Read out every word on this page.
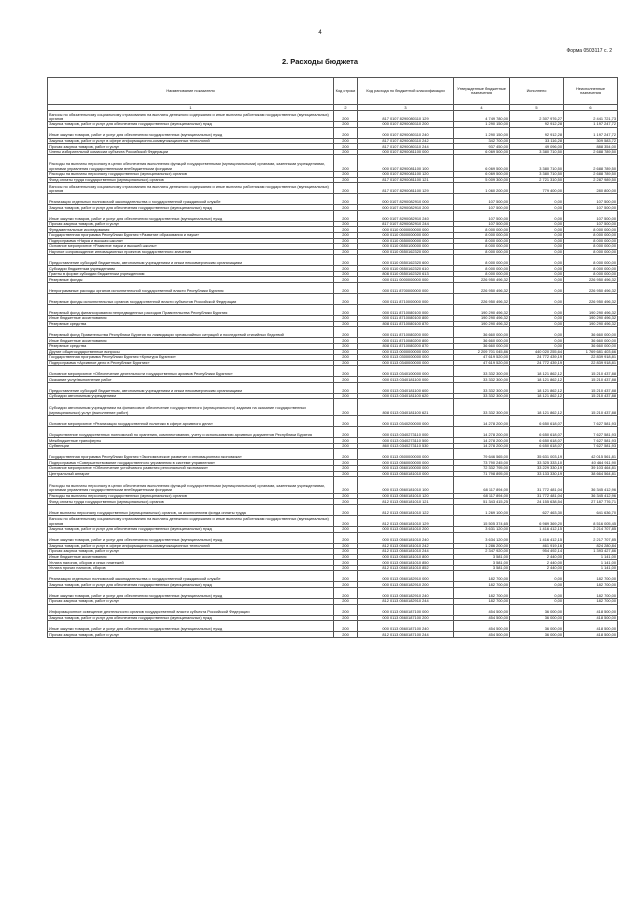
4
Форма 0503117 с. 2
2. Расходы бюджета
Наименование показателя	Код строки	Код расхода по бюджетной классификации	Утвержденные бюджетные назначения	Исполнено	Неисполненные назначения
1	2	3	4	5	6
Взносы по обязательному социальному страхованию на выплаты денежного содержания и иные выплаты работникам государственных (муниципальных) органов	200	817 0107 8290080110 129	4 749 780,00	2 307 976,27	2 441 721,73
Закупка товаров, работ и услуг для обеспечения государственных (муниципальных) нужд	200	000 0107 8290080110 200	1 290 150,00	92 912,28	1 197 247,72
Иные закупки товаров, работ и услуг для обеспечения государственных (муниципальных) нужд	200	000 0107 8290080110 240	1 290 150,00	92 912,28	1 197 247,72
Закупка товаров, работ и услуг в сфере информационно-коммуникационных технологий	200	817 0107 8290080110 242	342 700,00	33 116,28	309 583,72
Прочая закупка товаров, работ и услуг	200	817 0107 8290080110 244	937 450,00	49 096,00	888 354,00
Члены избирательной комиссии субъекта Российской Федерации	200	000 0107 8290081100 000	6 069 500,00	3 380 710,50	2 688 789,50
Расходы на выплаты персоналу в целях обеспечения выполнения функций государственными (муниципальными) органами, казенными учреждениями, органами управления государственными внебюджетными фондами	200	000 0107 8290081100 100	6 069 500,00	3 380 710,50	2 688 789,50
Расходы на выплаты персоналу государственных (муниципальных) органов	200	000 0107 8290081100 120	6 069 500,00	3 380 710,50	2 688 789,50
Фонд оплаты труда государственных (муниципальных) органов	200	817 0107 8290081100 121	5 009 300,00	2 721 310,50	2 287 989,50
Взносы по обязательному социальному страхованию на выплаты денежного содержания и иные выплаты работникам государственных (муниципальных) органов	200	817 0107 8290081100 129	1 060 200,00	779 400,00	280 800,00
Реализация отдельных полномочий законодательства о государственной гражданской службе	200	000 0107 8290082910 000	107 500,00	0,00	107 500,00
Закупка товаров, работ и услуг для обеспечения государственных (муниципальных) нужд	200	000 0107 8290082910 200	107 500,00	0,00	107 500,00
Иные закупки товаров, работ и услуг для обеспечения государственных (муниципальных) нужд	200	000 0107 8290082910 240	107 500,00	0,00	107 500,00
Прочая закупка товаров, работ и услуг	200	817 0107 8290082910 244	107 500,00	0,00	107 500,00
Фундаментальные исследования	200	000 0110 0000000000 000	8 000 000,00	0,00	8 000 000,00
Государственная программа Республики Бурятия «Развитие образования и науки»	200	000 0110 0500000000 000	8 000 000,00	0,00	8 000 000,00
Подпрограмма «Наука и высшая школа»	200	000 0110 0550000000 000	8 000 000,00	0,00	8 000 000,00
Основное мероприятие «Развитие науки и высшей школы»	200	000 0110 0550100000 000	8 000 000,00	0,00	8 000 000,00
Научное сопровождение инновационных проектов государственного значения	200	000 0110 0550162320 000	8 000 000,00	0,00	8 000 000,00
Предоставление субсидий бюджетным, автономным учреждениям и иным некоммерческим организациям	200	000 0110 0550162320 600	8 000 000,00	0,00	8 000 000,00
Субсидии бюджетным учреждениям	200	000 0110 0550162320 610	8 000 000,00	0,00	8 000 000,00
Гранты в форме субсидии бюджетным учреждениям	200	808 0110 0550162320 613	8 000 000,00	0,00	8 000 000,00
Резервные фонды	200	000 0111 0000000000 000	226 950 496,32	0,00	226 950 496,32
Непрограммные расходы органов исполнительной государственной власти Республики Бурятия	200	000 0111 8700000000 000	226 950 496,32	0,00	226 950 496,32
Резервные фонды исполнительных органов государственной власти субъектов Российской Федерации	200	000 0111 8710000000 000	226 950 496,32	0,00	226 950 496,32
Резервный фонд финансирования непредвиденных расходов Правительства Республики Бурятия	200	000 0111 8710080100 000	190 290 496,32	0,00	190 290 496,32
Иные бюджетные ассигнования	200	000 0111 8710080100 800	190 290 496,32	0,00	190 290 496,32
Резервные средства	200	808 0111 8710080100 870	190 290 496,32	0,00	190 290 496,32
Резервный фонд Правительства Республики Бурятия по ликвидации чрезвычайных ситуаций и последствий стихийных бедствий	200	000 0111 8710080200 000	36 660 000,00	0,00	36 660 000,00
Иные бюджетные ассигнования	200	000 0111 8710080200 800	36 660 000,00	0,00	36 660 000,00
Резервные средства	200	808 0111 8710080200 870	36 660 000,00	0,00	36 660 000,00
Другие общегосударственные вопросы	200	000 0113 0000000000 000	2 209 701 045,86	440 020 255,64	1 769 681 403,66
Государственная программа Республики Бурятия «Культура Бурятии»	200	000 0113 0300000000 000	47 619 520,00	24 772 439,19	22 839 918,81
Подпрограмма «Архивное дело в Республике Бурятия»	200	000 0113 0340000000 000	47 619 520,00	24 772 439,19	22 839 918,81
Основное мероприятие «Обеспечение деятельности государственных архивов Республики Бурятия»	200	000 0113 0340100000 000	33 332 300,00	18 121 862,12	15 210 437,88
Оказание услуг/выполнение работ	200	000 0113 0340181100 000	33 332 300,00	18 121 862,12	15 210 437,88
Предоставление субсидий бюджетным, автономным учреждениям и иным некоммерческим организациям	200	000 0113 0340181100 600	33 332 300,00	18 121 862,12	15 210 437,88
Субсидии автономным учреждениям	200	000 0113 0340181100 620	33 332 300,00	18 121 862,12	15 210 437,88
Субсидии автономным учреждениям на финансовое обеспечение государственного (муниципального) задания на оказание государственных (муниципальных) услуг (выполнение работ)	200	808 0113 0340181100 621	33 332 300,00	18 121 862,12	15 210 437,88
Основное мероприятие «Реализация государственной политики в сфере архивного дела»	200	000 0113 0340200000 000	14 278 200,00	6 650 618,07	7 627 581,93
Осуществление государственных полномочий по хранению, комплектованию, учету и использованию архивных документов Республики Бурятия	200	000 0113 0340273110 000	14 278 200,00	6 650 618,07	7 627 581,93
Межбюджетные трансферты	200	000 0113 0340273110 500	14 278 200,00	6 650 618,07	7 627 581,93
Субвенции	200	860 0113 0340273110 530	14 278 200,00	6 650 618,07	7 627 581,93
Государственная программа Республики Бурятия «Экономическое развитие и инновационная экономика»	200	000 0113 0500000000 000	79 646 565,00	35 631 003,19	42 015 561,81
Подпрограмма «Совершенствование государственного управления в системе управления»	200	000 0113 0560000000 000	73 790 245,00	33 325 333,10	40 464 911,90
Основное мероприятие «Обеспечение устойчивого развития региональной экономики»	200	000 0113 0560100000 000	72 332 795,00	33 229 330,19	39 103 464,81
Центральный аппарат	200	000 0113 0560181010 000	71 798 895,00	33 133 330,19	38 664 564,81
Расходы на выплаты персоналу в целях обеспечения выполнения функций государственными (муниципальными) органами, казенными учреждениями, органами управления государственными внебюджетными фондами	200	000 0113 0560181010 100	68 117 894,00	31 772 481,04	36 345 412,96
Расходы на выплаты персоналу государственных (муниципальных) органов	200	000 0113 0560181010 120	68 117 894,00	31 772 481,04	36 345 412,96
Фонд оплаты труда государственных (муниципальных) органов	200	812 0113 0560181010 121	51 343 415,25	24 155 638,54	27 187 776,71
Иные выплаты персоналу государственных (муниципальных) органов, за исключением фонда оплаты труда	200	812 0113 0560181010 122	1 269 100,00	627 463,30	641 636,70
Взносы по обязательному социальному страхованию на выплаты денежного содержания и иные выплаты работникам государственных (муниципальных) органов	200	812 0113 0560181010 129	15 505 374,65	6 989 369,20	8 516 005,45
Закупка товаров, работ и услуг для обеспечения государственных (муниципальных) нужд	200	000 0113 0560181010 200	3 631 120,00	1 416 412,15	2 214 707,85
Иные закупки товаров, работ и услуг для обеспечения государственных (муниципальных) нужд	200	000 0113 0560181010 240	3 634 120,00	1 416 412,15	2 217 707,85
Закупка товаров, работ и услуг в сфере информационно-коммуникационных технологий	200	812 0113 0560181010 242	1 286 200,00	461 919,16	824 280,84
Прочая закупка товаров, работ и услуг	200	812 0113 0560181010 244	2 347 920,00	954 492,14	1 393 427,86
Иные бюджетные ассигнования	200	000 0113 0560181010 800	3 581,00	2 440,00	1 141,00
Уплата налогов, сборов и иных платежей	200	000 0113 0560181010 850	3 581,00	2 440,00	1 141,00
Уплата прочих налогов, сборов	200	812 0113 0560181010 852	3 581,00	2 440,00	1 141,00
Реализация отдельных полномочий законодательства о государственной гражданской службе	200	000 0113 0560182910 000	182 700,00	0,00	182 700,00
Закупка товаров, работ и услуг для обеспечения государственных (муниципальных) нужд	200	000 0113 0560182910 200	182 700,00	0,00	182 700,00
Иные закупки товаров, работ и услуг для обеспечения государственных (муниципальных) нужд	200	000 0113 0560182910 240	182 700,00	0,00	182 700,00
Прочая закупка товаров, работ и услуг	200	812 0113 0560182910 244	182 700,00	0,00	182 700,00
Информационное освещение деятельности органов государственной власти субъекта Российской Федерации	200	000 0113 0560187100 000	454 500,00	36 000,00	418 500,00
Закупка товаров, работ и услуг для обеспечения государственных (муниципальных) нужд	200	000 0113 0560187100 200	454 500,00	36 000,00	418 500,00
Иные закупки товаров, работ и услуг для обеспечения государственных (муниципальных) нужд	200	000 0113 0560187100 240	454 500,00	36 000,00	418 500,00
Прочая закупка товаров, работ и услуг	200	812 0113 0560187100 244	454 500,00	36 000,00	418 500,00
